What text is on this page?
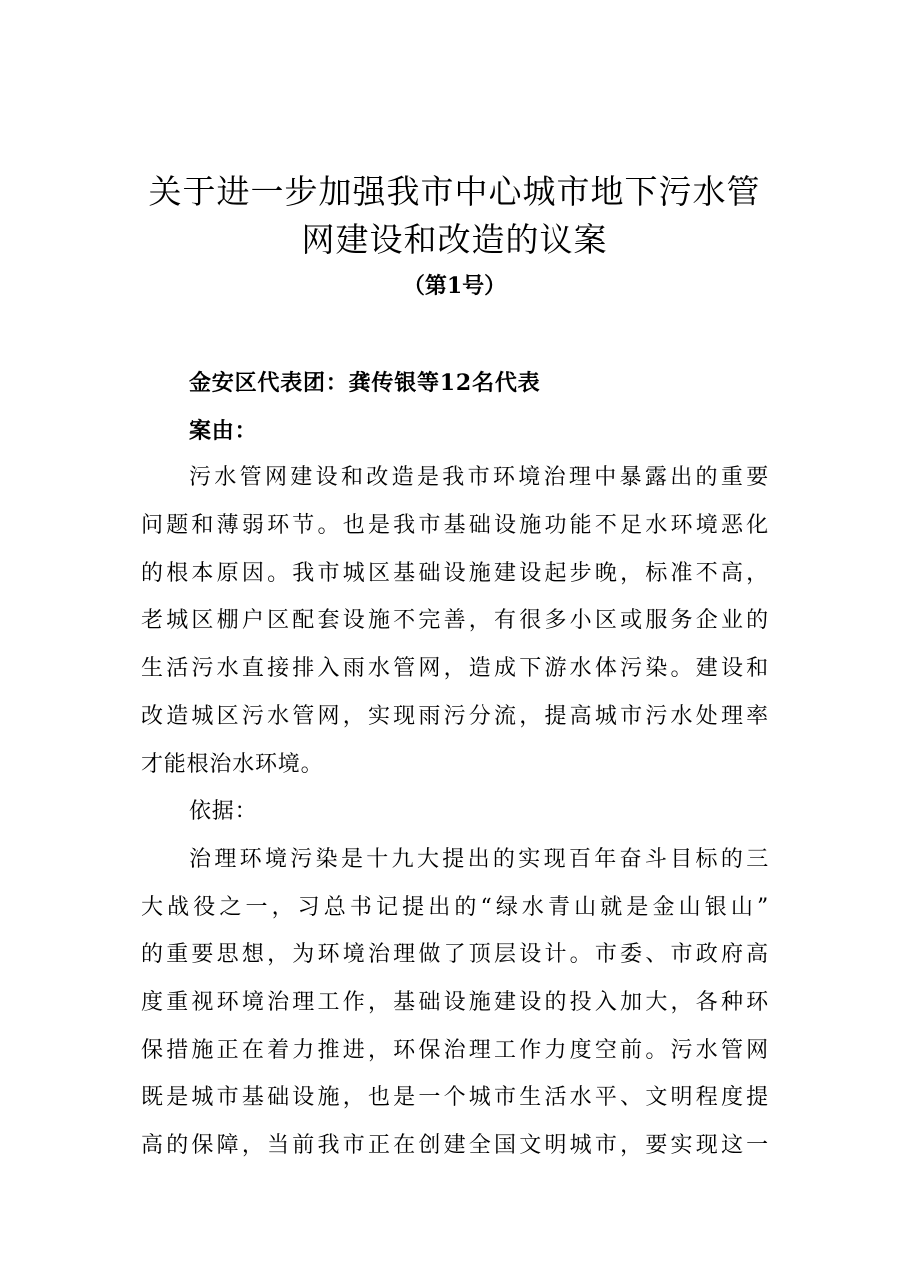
关于进一步加强我市中心城市地下污水管
网建设和改造的议案
（第1号）
金安区代表团：龚传银等12名代表
案由：
污水管网建设和改造是我市环境治理中暴露出的重要
问题和薄弱环节。也是我市基础设施功能不足水环境恶化
的根本原因。我市城区基础设施建设起步晚，标准不高，
老城区棚户区配套设施不完善，有很多小区或服务企业的
生活污水直接排入雨水管网，造成下游水体污染。建设和
改造城区污水管网，实现雨污分流，提高城市污水处理率
才能根治水环境。
依据：
治理环境污染是十九大提出的实现百年奋斗目标的三
大战役之一，习总书记提出的“绿水青山就是金山银山”
的重要思想，为环境治理做了顶层设计。市委、市政府高
度重视环境治理工作，基础设施建设的投入加大，各种环
保措施正在着力推进，环保治理工作力度空前。污水管网
既是城市基础设施，也是一个城市生活水平、文明程度提
高的保障，当前我市正在创建全国文明城市，要实现这一
